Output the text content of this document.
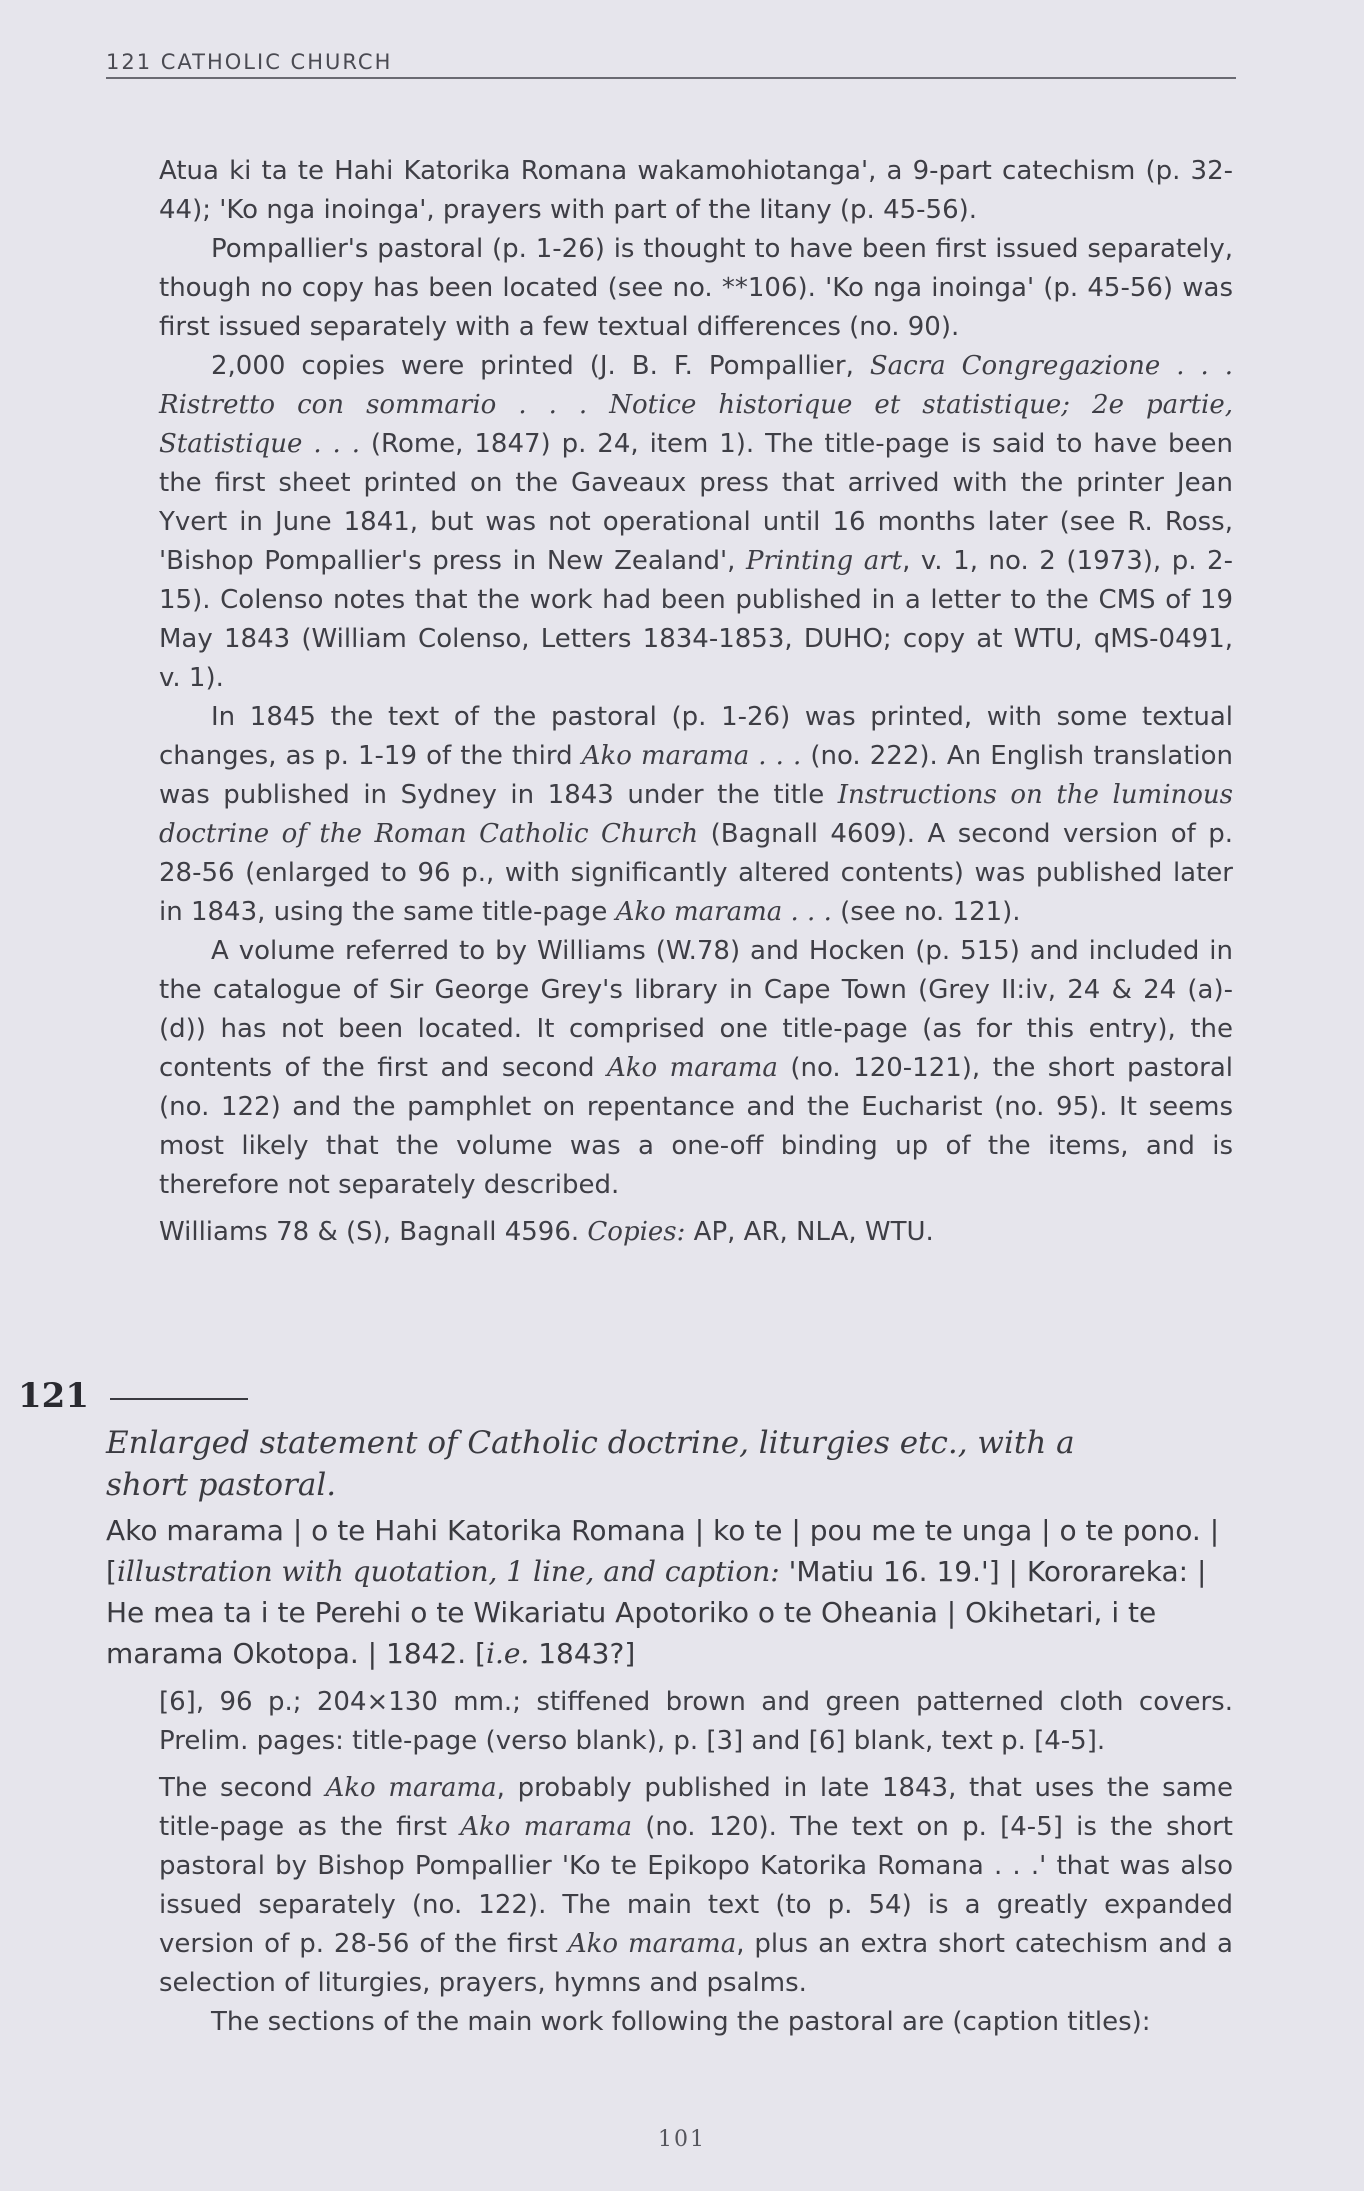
121 CATHOLIC CHURCH

Atua ki ta te Hahi Katorika Romana wakamohiotanga', a 9-part catechism (p. 32-44); 'Ko nga inoinga', prayers with part of the litany (p. 45-56).

Pompallier's pastoral (p. 1-26) is thought to have been first issued separately, though no copy has been located (see no. **106). 'Ko nga inoinga' (p. 45-56) was first issued separately with a few textual differences (no. 90).

2,000 copies were printed (J. B. F. Pompallier, Sacra Congregazione . . . Ristretto con sommario . . . Notice historique et statistique; 2e partie, Statistique . . . (Rome, 1847) p. 24, item 1). The title-page is said to have been the first sheet printed on the Gaveaux press that arrived with the printer Jean Yvert in June 1841, but was not operational until 16 months later (see R. Ross, 'Bishop Pompallier's press in New Zealand', Printing art, v. 1, no. 2 (1973), p. 2-15). Colenso notes that the work had been published in a letter to the CMS of 19 May 1843 (William Colenso, Letters 1834-1853, DUHO; copy at WTU, qMS-0491, v. 1).

In 1845 the text of the pastoral (p. 1-26) was printed, with some textual changes, as p. 1-19 of the third Ako marama . . . (no. 222). An English translation was published in Sydney in 1843 under the title Instructions on the luminous doctrine of the Roman Catholic Church (Bagnall 4609). A second version of p. 28-56 (enlarged to 96 p., with significantly altered contents) was published later in 1843, using the same title-page Ako marama . . . (see no. 121).

A volume referred to by Williams (W.78) and Hocken (p. 515) and included in the catalogue of Sir George Grey's library in Cape Town (Grey II:iv, 24 & 24 (a)-(d)) has not been located. It comprised one title-page (as for this entry), the contents of the first and second Ako marama (no. 120-121), the short pastoral (no. 122) and the pamphlet on repentance and the Eucharist (no. 95). It seems most likely that the volume was a one-off binding up of the items, and is therefore not separately described.

Williams 78 & (S), Bagnall 4596. Copies: AP, AR, NLA, WTU.

121
Enlarged statement of Catholic doctrine, liturgies etc., with a short pastoral.

Ako marama | o te Hahi Katorika Romana | ko te | pou me te unga | o te pono. | [illustration with quotation, 1 line, and caption: 'Matiu 16. 19.'] | Kororareka: | He mea ta i te Perehi o te Wikariatu Apotoriko o te Oheania | Okihetari, i te marama Okotopa. | 1842. [i.e. 1843?]

[6], 96 p.; 204×130 mm.; stiffened brown and green patterned cloth covers. Prelim. pages: title-page (verso blank), p. [3] and [6] blank, text p. [4-5].

The second Ako marama, probably published in late 1843, that uses the same title-page as the first Ako marama (no. 120). The text on p. [4-5] is the short pastoral by Bishop Pompallier 'Ko te Epikopo Katorika Romana . . .' that was also issued separately (no. 122). The main text (to p. 54) is a greatly expanded version of p. 28-56 of the first Ako marama, plus an extra short catechism and a selection of liturgies, prayers, hymns and psalms.

The sections of the main work following the pastoral are (caption titles):

101
